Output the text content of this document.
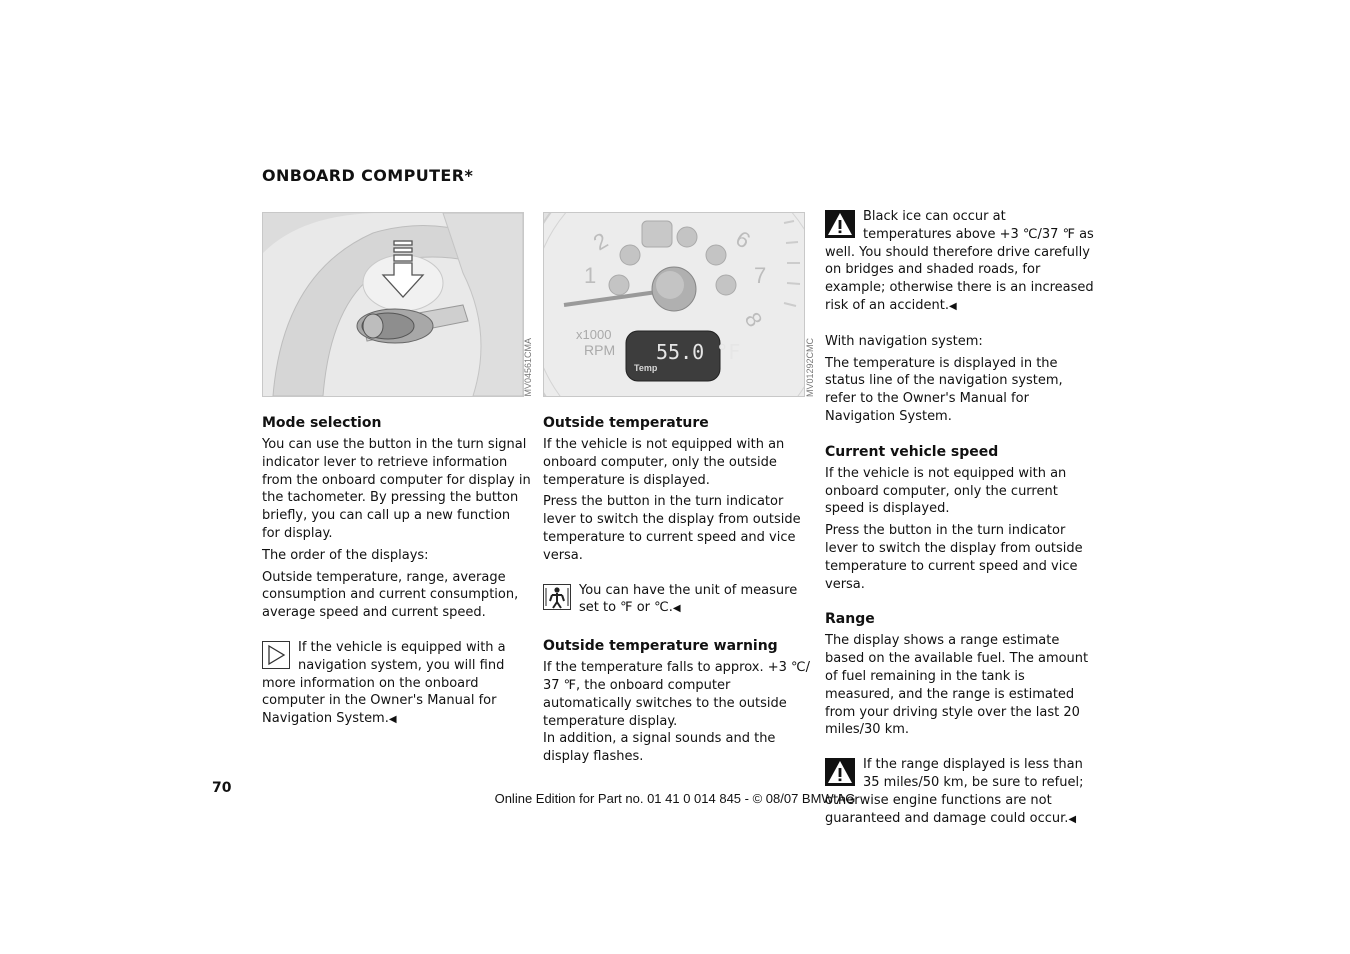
ONBOARD COMPUTER*
MV04561CMA
2
1
6
7
8
x1000
RPM 55.0 °F
Temp	MV01292CMC
Mode selection

You can use the button in the turn signal indicator lever to retrieve information from the onboard computer for display in the tachometer. By pressing the button briefly, you can call up a new function for display.

The order of the displays:

Outside temperature, range, average consumption and current consumption, average speed and current speed.

If the vehicle is equipped with a navigation system, you will find more information on the onboard computer in the Owner's Manual for Navigation System.◀

Outside temperature

If the vehicle is not equipped with an onboard computer, only the outside temperature is displayed.

Press the button in the turn indicator lever to switch the display from outside temperature to current speed and vice versa.

You can have the unit of measure set to ℉ or ℃.◀

Outside temperature warning

If the temperature falls to approx. +3 ℃/ 37 ℉, the onboard computer automatically switches to the outside temperature display.

In addition, a signal sounds and the display flashes.

Black ice can occur at temperatures above +3 ℃/37 ℉ as well. You should therefore drive carefully on bridges and shaded roads, for example; otherwise there is an increased risk of an accident.◀

With navigation system:

The temperature is displayed in the status line of the navigation system, refer to the Owner's Manual for Navigation System.

Current vehicle speed

If the vehicle is not equipped with an onboard computer, only the current speed is displayed.

Press the button in the turn indicator lever to switch the display from outside temperature to current speed and vice versa.

Range

The display shows a range estimate based on the available fuel. The amount of fuel remaining in the tank is measured, and the range is estimated from your driving style over the last 20 miles/30 km.

If the range displayed is less than 35 miles/50 km, be sure to refuel; otherwise engine functions are not guaranteed and damage could occur.◀

70
Online Edition for Part no. 01 41 0 014 845 - © 08/07 BMW AG
